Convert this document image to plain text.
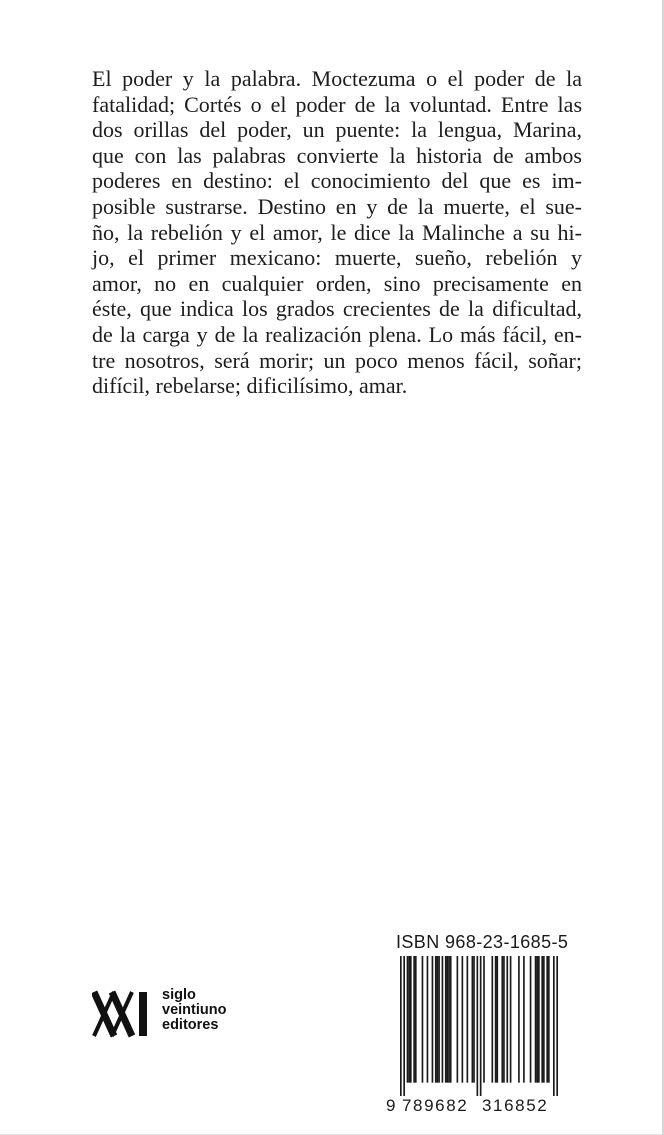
El poder y la palabra. Moctezuma o el poder de la
fatalidad; Cortés o el poder de la voluntad. Entre las
dos orillas del poder, un puente: la lengua, Marina,
que con las palabras convierte la historia de ambos
poderes en destino: el conocimiento del que es im-
posible sustrarse. Destino en y de la muerte, el sue-
ño, la rebelión y el amor, le dice la Malinche a su hi-
jo, el primer mexicano: muerte, sueño, rebelión y
amor, no en cualquier orden, sino precisamente en
éste, que indica los grados crecientes de la dificultad,
de la carga y de la realización plena. Lo más fácil, en-
tre nosotros, será morir; un poco menos fácil, soñar;
difícil, rebelarse; dificilísimo, amar.
ISBN 968-23-1685-5
9 789682 316852
siglo
veintiuno
editores
